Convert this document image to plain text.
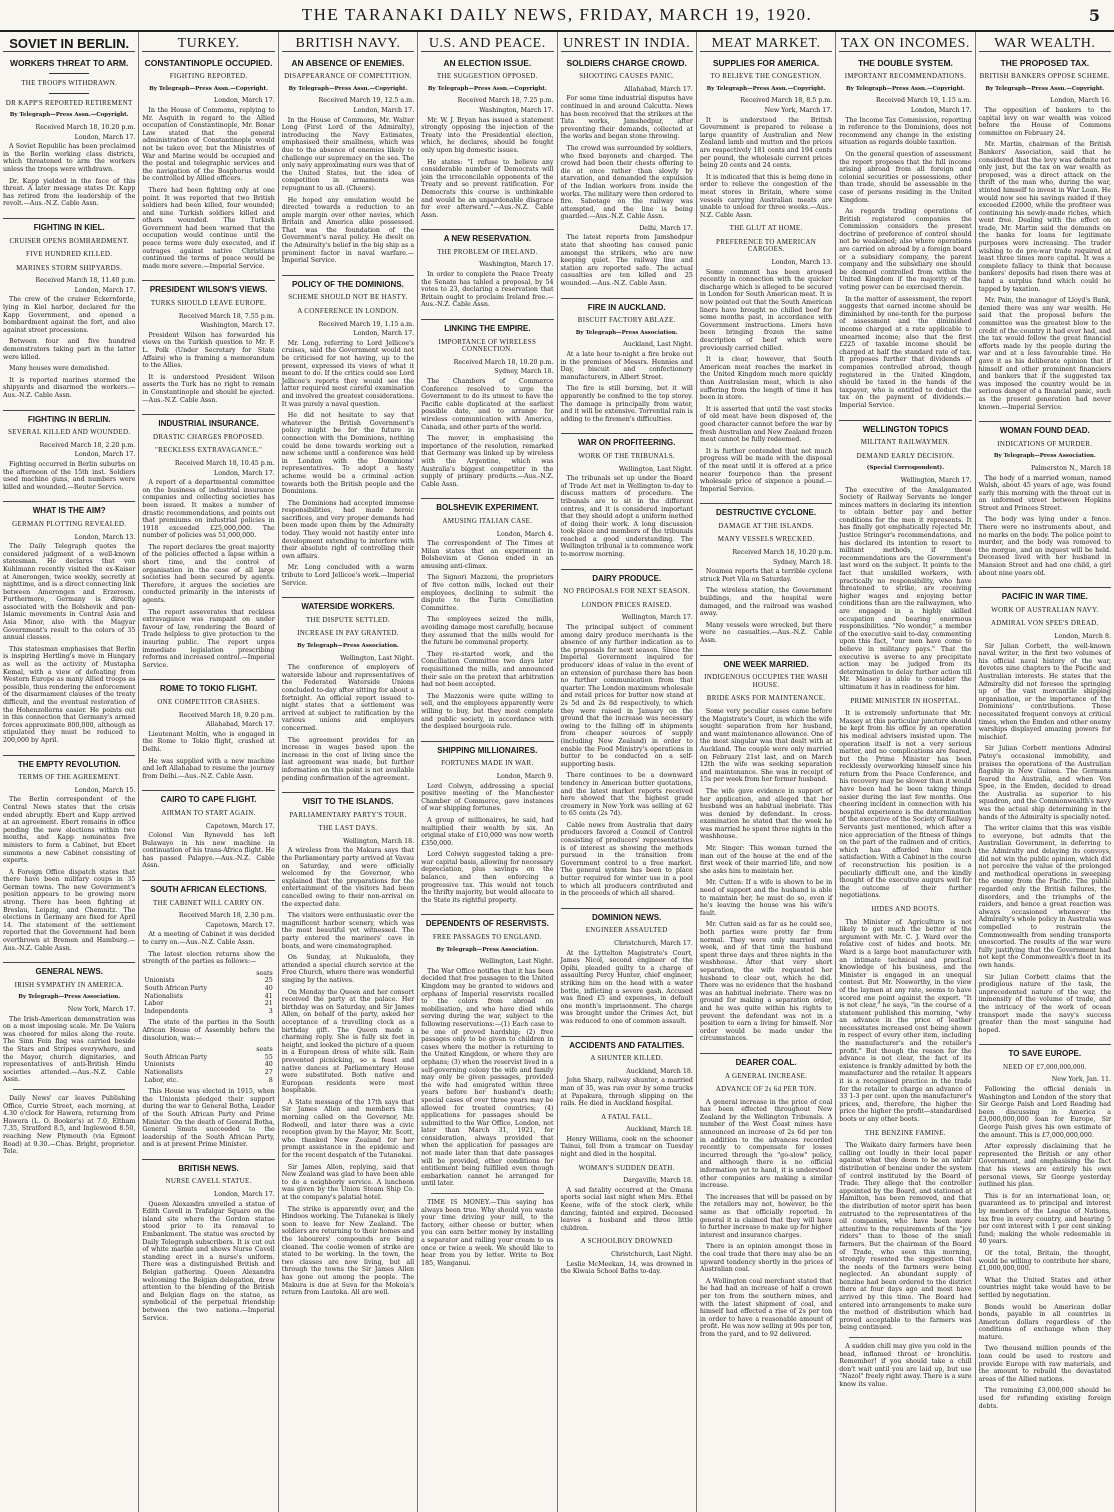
THE TARANAKI DAILY NEWS, FRIDAY, MARCH 19, 1920.	5
SOVIET IN BERLIN.
WORKERS THREAT TO ARM.
THE TROOPS WITHDRAWN.
DR KAPP'S REPORTED RETIREMENT
By Telegraph—Press Assn.—Copyright.
Received March 18, 10.20 p.m.
London, March 17.

A Soviet Republic has been proclaimed in the Berlin working class districts, which threatened to arm the workers unless the troops were withdrawn.

Dr. Kapp yielded in the face of this threat. A later message states Dr. Kapp has retired from the leadership of the revolt.—Aus.-N.Z. Cable Assn.

FIGHTING IN KIEL.
CRUISER OPENS BOMBARDMENT.
FIVE HUNDRED KILLED.
MARINES STORM SHIPYARDS.
Received March 18, 11.40 p.m.
London, March 17.

The crew of the cruiser Eckernforde, lying in Kiel harbor, declared for the Kapp Government, and opened a bombardment against the fort, and also against street processions.

Between four and five hundred demonstrators taking part in the latter were killed.

Many houses were demolished.

It is reported marines stormed the shipyards and disarmed the workers.—Aus.-N.Z. Cable Assn.

FIGHTING IN BERLIN.
SEVERAL KILLED AND WOUNDED.
Received March 18, 2.20 p.m.
London, March 17.

Fighting occurred in Berlin suburbs on the afternoon of the 15th inst. Soldiers used machine guns, and numbers were killed and wounded.—Reuter Service.

WHAT IS THE AIM?
GERMAN PLOTTING REVEALED.
London, March 13.

The Daily Telegraph quotes the considered judgment of a well-known statesman. He declares that von Kuhlmann recently visited the ex-Kaiser at Amerongen, twice weekly, secretly at nighttime, and is a direct connecting link between Amerongen and Erzerosm. Furthermore, Germany is directly associated with the Bolshevik and pan-Islamic movements in Central Asia and Asia Minor, also with the Magyar Government's result to the colors of 35 annual classes.

This statesman emphasises that Berlin is inspiring Hertling's move in Hungary as well as the activity of Mustapha Kemal, with a view of defeating from Western Europe as many Allied troops as possible, thus rendering the enforcement of the disarmament clauses of the treaty difficult, and the eventual restoration of the Hohenzollerns easier. He points out in this connection that Germany's armed forces approximate 800,000, although as stipulated they must be reduced to 200,000 by April.

THE EMPTY REVOLUTION.
TERMS OF THE AGREEMENT.
London, March 15.

The Berlin correspondent of the Central News states that the crisis ended abruptly. Ebert and Kapp arrived at an agreement. Ebert remains in office pending the new elections within two months, and Kapp nominates five ministers to form a Cabinet, but Ebert summons a new Cabinet consisting of experts.

A Foreign Office dispatch states that there have been military coups in 35 German towns. The new Government's position appears to be growing more strong. There has been fighting at Breslau, Leipzig, and Chemnitz. The elections in Germany are fixed for April 14. The statement of the settlement reported that the Government had been overthrown at Bremen and Hamburg.—Aus.-N.Z. Cable Assn.

GENERAL NEWS.
IRISH SYMPATHY IN AMERICA.
By Telegraph—Press Association.
New York, March 17.

The Irish-American demonstration was on a most imposing scale. Mr. De Valera was cheered for miles along the route. The Sinn Fein flag was carried beside the Stars and Stripes everywhere, and the Mayor, church dignitaries, and representatives of anti-British Hindu societies attended.—Aus.-N.Z. Cable Assn.

Daily News' car leaves Publishing Office, Currie Street, each morning, at 4.30 o'clock for Hawera, returning from Hawera (L. O. Booker's) at 7.0, Eltham 7.35, Stratford 8.5, and Inglewood 8.50, reaching New Plymouth (via Egmont Road) at 9.30.—Chas. Bright, proprietor. Tele.

TURKEY.
CONSTANTINOPLE OCCUPIED.
FIGHTING REPORTED.
By Telegraph—Press Assn.—Copyright.
London, March 17.

In the House of Commons, replying to Mr. Asquith in regard to the Allied occupation of Constantinople, Mr. Bonar Law stated that the general administration of Constantinople would not be taken over, but the Ministries of War and Marine would be occupied and the postal and telegraphic services and the navigation of the Bosphorus would be controlled by Allied officers.

There had been fighting only at one point. It was reported that two British soldiers had been killed, four wounded; and nine Turkish soldiers killed and others wounded. The Turkish Government had been warned that the occupation would continue until the peace terms were duly executed, and if outrages against native Christians continued the terms of peace would be made more severe.—Imperial Service.

PRESIDENT WILSON'S VIEWS.
TURKS SHOULD LEAVE EUROPE.
Received March 18, 7.55 p.m.
Washington, March 17.

President Wilson has forwarded his views on the Turkish question to Mr. F. L. Polk (Under Secretary for State Affairs) who is framing a memorandum to the Allies.

It is understood President Wilson asserts the Turk has no right to remain in Constantinople and should be ejected.—Aus.-N.Z. Cable Assn.

INDUSTRIAL INSURANCE.
DRASTIC CHARGES PROPOSED.
"RECKLESS EXTRAVAGANCE."
Received March 18, 10.45 p.m.
London, March 17.

A report of a departmental committee on the business of industrial insurance companies and collecting societies has been issued. It makes a number of drastic recommendations, and points out that premiums on industrial policies in 1918 exceeded £25,000,000. The number of policies was 51,000,000.

The report declares the great majority of the policies effected a lapse within a short time, and the control of organisation in the case of all large societies had been secured by agents. Therefore, it argues the societies are conducted primarily in the interests of agents.

The report asseverates that reckless extravagance was rampant on under favour of law, rendering the Board of Trade helpless to give protection to the insuring public. The report urges immediate legislation prescribing reforms and increased control.—Imperial Service.

ROME TO TOKIO FLIGHT.
ONE COMPETITOR CRASHES.
Received March 18, 9.20 p.m.
Allahabad, March 17.

Lieutenant Moltin, who is engaged in the Rome to Tokio flight, crashed at Delhi.

He was supplied with a new machine and left Allahabad to resume the journey from Delhi.—Aus.-N.Z. Cable Assn.

CAIRO TO CAPE FLIGHT.
AIRMAN TO START AGAIN.
Capetown, March 17.

Colonel Van Ryneveld has left Bulawayo in his new machine in continuation of his trans-Africa flight. He has passed Palapye.—Aus.-N.Z. Cable Assn.

SOUTH AFRICAN ELECTIONS.
THE CABINET WILL CARRY ON.
Received March 18, 2.30 p.m.
Capetown, March 17.

At a meeting of Cabinet it was decided to carry on.—Aus.-N.Z. Cable Assn.

The latest election returns show the strength of the parties as follows:—

	seats
Unionists	25
South African Party	40
Nationalists	41
Labor	21
Independents	3

The state of the parties in the South African House of Assembly before the dissolution, was:—

	seats
South African Party	55
Unionists	40
Nationalists	27
Labor, etc.	8

This House was elected in 1915, when the Unionists pledged their support during the war to General Botha, Leader of the South African Party and Prime Minister. On the death of General Botha, General Smuts succeeded to the leadership of the South African Party, and is at present Prime Minister.

BRITISH NEWS.
NURSE CAVELL STATUE.
London, March 17.

Queen Alexandra unveiled a statue of Edith Cavell in Trafalgar Square on the island site where the Gordon statue stood prior to its removal to Embankment. The statue was erected by Daily Telegraph subscribers. It is cut out of white marble and shows Nurse Cavell standing erect in a nurse's uniform. There was a distinguished British and Belgian gathering. Queen Alexandra welcoming the Belgian delegation, drew attention to the blending of the British and Belgian flags on the statue, as symbolical of the perpetual friendship between the two nations.—Imperial Service.

BRITISH NAVY.
AN ABSENCE OF ENEMIES.
DISAPPEARANCE OF COMPETITION.
By Telegraph—Press Assn.—Copyright.
Received March 19, 12.5 a.m.
London, March 17.

In the House of Commons, Mr. Walter Long (First Lord of the Admiralty), introducing the Navy Estimates, emphasised their smallness, which was due to the absence of enemies likely to challenge our supremacy on the sea. The only navy approximating ours was that of the United States, but the idea of competition in armaments was repugnant to us all. (Cheers).

He hoped any emulation would be directed towards a reduction to an ample margin over other navies, which Britain and America alike possessed. That was the foundation of the Government's naval policy. He dwelt on the Admiralty's belief in the big ship as a prominent factor in naval warfare.—Imperial Service.

POLICY OF THE DOMINIONS.
SCHEME SHOULD NOT BE HASTY.
A CONFERENCE IN LONDON.
Received March 19, 1.15 a.m.
London, March 17.

Mr. Long, referring to Lord Jellicoe's cruises, said the Government would not be criticised for not having, up to the present, expressed its views of what it meant to do. If the critics could see Lord Jellicoe's reports they would see the latter required most careful examination and involved the greatest considerations. It was purely a naval question.

He did not hesitate to say that whatever the British Government's policy might be for the future in connection with the Dominions, nothing could be done towards working out a new scheme until a conference was held in London with the Dominions' representatives. To adopt a hasty scheme would be a criminal action towards both the British people and the Dominions.

The Dominions had accepted immense responsibilities, had made heroic sacrifices, and very proper demands had been made upon them by the Admiralty today. They would not hastily enter into development extending to interfere with their absolute right of controlling their own affairs.

Mr. Long concluded with a warm tribute to Lord Jellicoe's work.—Imperial Service.

WATERSIDE WORKERS.
THE DISPUTE SETTLED.
INCREASE IN PAY GRANTED.
By Telegraph—Press Association.
Wellington, Last Night.

The conference of employers of waterside labour and representatives of the Federated Waterside Unions concluded to-day after sitting for about a fortnight. An official report issued to-night states that a settlement was arrived at subject to ratification by the various unions and employers concerned.

The agreement provides for an increase in wages based upon the increase in the cost of living since the last agreement was made, but further information on this point is not available pending confirmation of the agreement.

VISIT TO THE ISLANDS.
PARLIAMENTARY PARTY'S TOUR.
THE LAST DAYS.
Wellington, March 18.

A wireless from the Makura says that the Parliamentary party arrived at Vavau on Saturday, and were officially welcomed by the Governor, who explained that the preparations for the entertainment of the visitors had been cancelled owing to their non-arrival on the expected date.

The visitors were enthusiastic over the magnificent harbor scenery, which was the most beautiful yet witnessed. The party entered the mariners' cave in boats, and were cinematographed.

On Sunday, at Nukualofa, they attended a special church service at the Free Church, where there was wonderful singing by the natives.

On Monday the Queen and her consort received the party at the palace. Her birthday was on Saturday, and Sir James Allen, on behalf of the party, asked her acceptance of a travelling clock as a birthday gift. The Queen made a charming reply. She is fully six feet in height, and looked the picture of a queen in a European dress of white silk. Rain prevented picnicking, so a feast and native dances at Parliamentary House were substituted. Both native and European residents were most hospitable.

A State message of the 17th says that Sir James Allen and members this morning called on the Governor, Mr. Rodwell, and later there was a civic reception given by the Mayor, Mr. Scott, who thanked New Zealand for her prompt assistance in the epidemic and for the recent despatch of the Tutanekai.

Sir James Allen, replying, said that New Zealand was glad to have been able to do a neighborly service. A luncheon was given by the Union Steam Ship Co. at the company's palatial hotel.

The strike is apparently over, and the Hindoos working. The Tutanekai is likely soon to leave for New Zealand. The soldiers are returning to their homes and the labourers' compounds are being cleaned. The coolie women of strike are stated to be working. In the town, the two classes are now living, but all through the towns the Sir James Allen has gone out among the people. The Makura is due at Suva for the Mokoia's return from Lautoka. All are well.

U.S. AND PEACE.
AN ELECTION ISSUE.
THE SUGGESTION OPPOSED.
By Telegraph—Press Assn.—Copyright.
Received March 18, 7.25 p.m.
Washington, March 17.

Mr. W. J. Bryan has issued a statement strongly opposing the injection of the Treaty into the Presidential election, which, he declares, should be fought only upon big domestic issues.

He states: "I refuse to believe any considerable number of Democrats will join the irreconcilable opponents of the Treaty and so prevent ratification. For Democrats this course is unthinkable and would be an unpardonable disgrace for ever afterward."—Aus.-N.Z. Cable Assn.

A NEW RESERVATION.
THE PROBLEM OF IRELAND.
Washington, March 17.

In order to complete the Peace Treaty the Senate has tabled a proposal, by 54 votes to 23, declaring a reservation that Britain ought to proclaim Ireland free.—Aus.-N.Z. Cable Assn.

LINKING THE EMPIRE.
IMPORTANCE OF WIRELESS CONNECTION.
Received March 18, 10.20 p.m.
Sydney, March 18.

The Chambers of Commerce Conference resolved to urge the Government to do its utmost to have the Pacific cable duplicated at the earliest possible date, and to arrange for wireless communication with America, Canada, and other parts of the world.

The mover, in emphasising the importance of the resolution, remarked that Germany was linked up by wireless with the Argentine, which was Australia's biggest competitor in the supply of primary products.—Aus.-N.Z. Cable Assn.

BOLSHEVIK EXPERIMENT.
AMUSING ITALIAN CASE.
London, March 4.

The correspondent of The Times at Milan states that an experiment in Bolshevism at Genoa ended in an amusing anti-climax.

The Signori Mazzoni, the proprietors of five cotton mills, locked out their employees, declining to submit the dispute to the Turin Conciliation Committee.

The employees seized the mills, avoiding damage most carefully, because they assumed that the mills would for the future be communal property.

They re-started work, and the Conciliation Committee two days later requisitioned the mills, and announced their sale on the pretext that arbitration had not been accepted.

The Mazzonis were quite willing to sell, and the employees apparently were willing to buy, but they most complete and public society, in accordance with the despised bourgeois rule.

SHIPPING MILLIONAIRES.
FORTUNES MADE IN WAR.
London, March 9.

Lord Colwyn, addressing a special positive meeting of the Manchester Chamber of Commerce, gave instances of war shipping fortunes.

A group of millionaires, he said, had multiplied their wealth by six. An original stake of £10,000 was now worth £350,000.

Lord Colwyn suggested taking a pre-war capital basis, allowing for necessary depreciation, plus savings on the balance, and then enforcing a progressive tax. This would not touch the thrifty majority, but would allocate to the State its rightful property.

DEPENDENTS OF RESERVISTS.
FREE PASSAGES TO ENGLAND.
By Telegraph—Press Association.
Wellington, Last Night.

The War Office notifies that it has been decided that free passages to the United Kingdom may be granted to widows and orphans of Imperial reservists recalled to the colors from abroad on mobilisation, and who have died while serving during the war, subject to the following reservations:—(1) Each case to be one of proved hardship; (2) free passages only to be given to children in cases where the mother is returning to the United Kingdom, or where they are orphans; (3) when the reservist lived in a self-governing colony the wife and family may only be given passages, provided the wife had emigrated within three years before her husband's death; special cases of over three years may be allowed for treated countries; (4) applications for passages should be submitted to the War Office, London, not later than March 31, 1921, for consideration, always provided that when the application for passages are not made later than that date passages will be provided, other conditions for entitlement being fulfilled even though embarkation cannot be arranged for until later.

TIME IS MONEY.—This saying has always been true. Why should you waste your time driving your mill, to the factory, either cheese or butter, when you can earn better money by installing a separator and railing your cream to us once or twice a week. We should like to hear from you by letter. Write to Box 185, Wanganui.

UNREST IN INDIA.
SOLDIERS CHARGE CROWD.
SHOOTING CAUSES PANIC.
Allahabad, March 17.

For some time industrial disputes have continued in and around Calcutta. News has been received that the strikers at the Tata works, Jamshedpur, after preventing their demands, collected at the works and began stone throwing.

The crowd was surrounded by soldiers, who fixed bayonets and charged. The crowd had been their chests offering to die at once rather than slowly by starvation, and demanded the expulsion of the Indian workers from inside the works. The military were then ordered to fire. Sabotage on the railway was attempted, and the line is being guarded.—Aus.-N.Z. Cable Assn.

Delhi, March 17.

The latest reports from Jamshedpur state that shooting has caused panic amongst the strikers, who are now keeping quiet. The railway line and station are reported safe. The actual casualties are ten killed and 25 wounded.—Aus.-N.Z. Cable Assn.

FIRE IN AUCKLAND.
BISCUIT FACTORY ABLAZE.
By Telegraph—Press Association.
Auckland, Last Night.

At a late hour to-night a fire broke out in the premises of Messrs. Hennies and Day, biscuit and confectionery manufacturers, in Albert Street.

The fire is still burning, but it will apparently be confined to the top storey. The damage is principally from water, and it will be extensive. Torrential rain is adding to the firemen's difficulties.

WAR ON PROFITEERING.
WORK OF THE TRIBUNALS.
Wellington, Last Night.

The tribunals set up under the Board of Trade Act met in Wellington to-day to discuss matters of procedure. The tribunals are to sit in the different centres, and it is considered important that they should adopt a uniform method of doing their work. A long discussion took place and members of the tribunals reached a good understanding. The Wellington tribunal is to commence work to-morrow morning.

DAIRY PRODUCE.
NO PROPOSALS FOR NEXT SEASON.
LONDON PRICES RAISED.
Wellington, March 17.

The principal subject of comment among dairy produce merchants is the absence of any further indication as to the proposals for next season. Since the Imperial Government inquired for producers' ideas of value in the event of an extension of purchase there has been no further communication from that quarter. The London maximum wholesale and retail prices for butter now stand at 2s 5d and 2s 8d respectively, to which they were raised in January on the ground that the increase was necessary owing to the falling off in shipments from cheaper sources of supply (including New Zealand) in order to enable the Food Ministry's operations in butter to be conducted on a self-supporting basis.

There continues to be a downward tendency in American butter quotations, and the latest market reports received here showed that the highest grade creamery in New York was selling at 62 to 65 cents (2s 7d).

Cable news from Australia that dairy producers favored a Council of Control consisting of producers' representatives is of interest as showing the methods pursued in the transition from Government control to a free market. The general system has been to place butter required for winter use in a pool to which all producers contributed and in the proceeds of which all shared.

DOMINION NEWS.
ENGINEER ASSAULTED
Christchurch, March 17.

At the Lyttelton Magistrate's Court, James Nicol, second engineer of the Opihi, pleaded guilty to a charge of assaulting Percy Hunter, chief engineer, striking him on the head with a water bottle, inflicting a severe gash. Accused was fined £5 and expenses, in default one month's imprisonment. The charge was brought under the Crimes Act, but was reduced to one of common assault.

ACCIDENTS AND FATALITIES.
A SHUNTER KILLED.
Auckland, March 18.

John Sharp, railway shunter, a married man of 35, was run over by some trucks at Papakura, through slipping on the rails. He died in Auckland hospital.

A FATAL FALL.
Auckland, March 18.

Henry Williams, cook on the schooner Tainui, fell from a tramcar on Tuesday night and died in the hospital.

WOMAN'S SUDDEN DEATH.
Dargaville, March 18.

A sad fatality occurred at the Omana sports social last night when Mrs. Ethel Keene, wife of the stock clerk, while dancing, fainted and expired. Deceased leaves a husband and three little children.

A SCHOOLBOY DROWNED
Christchurch, Last Night.

Leslie McMeekan, 14, was drowned in the Kiwaia School Baths to-day.

MEAT MARKET.
SUPPLIES FOR AMERICA.
TO RELIEVE THE CONGESTION.
By Telegraph—Press Assn.—Copyright.
Received March 18, 8.5 p.m.
New York, March 17.

It is understood the British Government is prepared to release a large quantity of Australian and New Zealand lamb and mutton and the prices are respectively 181 cents and 194 cents per pound, the wholesale current prices being 20 cents and 24 cents.

It is indicated that this is being done in order to relieve the congestion of the meat stores in Britain, where some vessels carrying Australian meats are unable to unload for three weeks.—Aus.-N.Z. Cable Assn.

THE GLUT AT HOME.
PREFERENCE TO AMERICAN CARGOES.
London, March 13.

Some comment has been aroused recently in connection with the quicker discharge which is alleged to be secured in London for South American meat. It is now pointed out that the South American liners have brought no chilled beef for some months past, in accordance with Government instructions. Liners have been bringing frozen the same description of beef which were previously carried chilled.

It is clear, however, that South American meat reaches the market in the United Kingdom much more quickly than Australasian meat, which is also suffering from the length of time it has been in store.

It is asserted that until the vast stocks of old meat have been disposed of, the good character cannot before the war by fresh Australian and New Zealand frozen meat cannot be fully redeemed.

It is further contended that not much progress will be made with the disposal of the meat until it is offered at a price nearer fourpence than the present wholesale price of sixpence a pound.—Imperial Service.

DESTRUCTIVE CYCLONE.
DAMAGE AT THE ISLANDS.
MANY VESSELS WRECKED.
Received March 18, 10.20 p.m.
Sydney, March 18.

Noumea reports that a terrible cyclone struck Port Vila on Saturday.

The wireless station, the Government buildings, and the hospital were damaged, and the railroad was washed away.

Many vessels were wrecked, but there were no casualties.—Aus.-N.Z. Cable Assn.

ONE WEEK MARRIED.
INDIGENOUS OCCUPIES THE WASH HOUSE.
BRIDE ASKS FOR MAINTENANCE.

Some very peculiar cases came before the Magistrate's Court, in which the wife sought separation from her husband, and want maintenance allowance. One of the most singular was that dealt with at Auckland. The couple were only married on February 21st last, and on March 12th the wife was seeking separation and maintenance. She was in receipt of 15s per week from her former husband.

The wife gave evidence in support of her application, and alleged that her husband was an habitual inebriate. This was denied by defendant. In cross-examination he stated that the week he was married he spent three nights in the washhouse.

Mr. Singer: This woman turned the man out of the house at the end of the first week of their married life, and now she asks him to maintain her.

Mr. Cutten: If a wife is shown to be in need of support and the husband is able to maintain her, he must do so, even if he's leaving the house was his wife's fault.

Mr. Cutten said as far as he could see, both parties were pretty far from normal. They were only married one week, and of that time the husband spent three days and three nights in the washhouse. After that very short separation, the wife requested her husband to clear out, which he did. There was no evidence that the husband was an habitual inebriate. There was no ground for making a separation order, and he was quite within his rights to prevent the defendant was not in a position to earn a living for himself. Nor order would be made under the circumstances.

DEARER COAL.
A GENERAL INCREASE.
ADVANCE OF 2s 6d PER TON.

A general increase in the price of coal has been effected throughout New Zealand by the Wellington Tribunals. A number of the West Coast mines have announced an increase of 2s 6d per ton in addition to the advances recorded recently to compensate for losses incurred through the "go-slow" policy, and although there is no official information yet to hand, it is understood other companies are making a similar increase.

The increases that will be passed on by the retailers may not, however, be the same as that officially reported. In general it is claimed that they will have to further increase to make up for higher interest and insurance charges.

There is an opinion amongst those in the coal trade that there may also be an upward tendency shortly in the prices of Australian coal.

A Wellington coal merchant stated that he had had an increase of half a crown per ton from the southern mines, and with the latest shipment of coal, and himself had effected a rise of 2s per ton in order to have a reasonable amount of profit. He was now selling at 90s per ton, from the yard, and to 92 delivered.

TAX ON INCOMES.
THE DOUBLE SYSTEM.
IMPORTANT RECOMMENDATIONS.
By Telegraph—Press Assn.—Copyright.
Received March 19, 1.15 a.m.
London, March 17.

The Income Tax Commission, reporting in reference to the Dominions, does not recommend any change in the existing situation as regards double taxation.

On the general question of assessment the report proposes that the full income arising abroad from all foreign and colonial securities or possessions, other than trade, should be assessable in the case of persons residing in the United Kingdom.

As regards trading operations of British registered companies the Commission considers the present doctrine of preference of control should not be weakened; also where operations are carried on abroad by a foreign board or a subsidiary company, the parent company and the subsidiary one should be deemed controlled from within the United Kingdom if the majority of the voting power can be exercised therein.

In the matter of assessment, the report suggests that earned income should be diminished by one-tenth for the purpose of assessment and the diminished income charged at a rate applicable to unearned income; also that the first £225 of taxable income should be charged at half the standard rate of tax. It proposes further that dividends of companies controlled abroad, though registered in the United Kingdom, should be taxed in the hands of the taxpayer, who is entitled to deduct the tax on the payment of dividends.—Imperial Service.

WELLINGTON TOPICS
MILITANT RAILWAYMEN.
DEMAND EARLY DECISION.
(Special Correspondent).
Wellington, March 17.

The executive of the Amalgamated Society of Railway Servants no longer minces matters in declaring its intention to obtain better pay and better conditions for the men it represents. It has finally got emphatically rejected Mr. Justice Stringer's recommendations, and has declared its intention to resort to militant methods, if these recommendations are the Government's last word on the subject. It points to the fact that unskilled workers, with practically no responsibility, who have threatened to strike, are receiving higher wages and enjoying better conditions than are the railwaymen, who are engaged in a highly skilled occupation and bearing enormous responsibilities. "No wonder," a member of the executive said to-day, commenting upon this fact, "our men have come to believe in militancy pays." That the executive is averse to any precipitate action may be judged from its determination to delay further action till Mr. Massey is able to consider the ultimatum it has in readiness for him.

PRIME MINISTER IN HOSPITAL.

It is extremely unfortunate that Mr. Massey at this particular juncture should be kept from his office by an operation his medical advisers insisted upon. The operation itself is not a very serious matter, and no complications are feared, but the Prime Minister has been recklessly overworking himself since his return from the Peace Conference, and his recovery may be slower than it would have been had he been taking things easier during the last few months. One cheering incident in connection with his hospital experience is the determination of the executive of the Society of Railway Servants just mentioned, which after a nice appreciation of the fitness of things on the part of the railmen and of critics, which has afforded him much satisfaction. With a Cabinet in the course of reconstruction his position is a peculiarly difficult one, and the kindly thought of the executive augurs well for the outcome of their further negotiations.

HIDES AND BOOTS.

The Minister of Agriculture is not likely to get much the better of the argument with Mr. C. J. Ward over the relative cost of hides and boots. Mr. Ward is a large boot manufacturer with an intimate technical and practical knowledge of his business, and the Minister is engaged in an unequal contest. But Mr. Nosworthy, in the view of the laymen at any rate, seems to have scored one point against the expert. "It is not clear," he says, "in the course of a statement published this morning, "why an advance in the price of leather necessitates increased cost being shown in respect of every other item, including the manufacturer's and the retailer's profit." But though the reason for the advance is not clear, the fact of its existence is frankly admitted by both the manufacturer and the retailer. It appears it is a recognised practice in the trade for the retailer to charge an advance of 33 1-3 per cent. upon the manufacturer's prices, and, therefore, the higher the price the higher the profit—standardised boots or any other boots.

THE BENZINE FAMINE.

The Waikato dairy farmers have been calling out loudly in their local paper against what they deem to be an unfair distribution of benzine under the system of control instituted by the Board of Trade. They allege that the controller appointed by the Board, and stationed at Hamilton, has been removed, and that the distribution of motor spirit has been entrusted to the representatives of the oil companies, who have been more attentive to the requirements of the "joy riders" than to those of the small farmers. But the chairman of the Board of Trade, who seen this morning, strongly resented the suggestion that the needs of the farmers were being neglected. An abundant supply of benzine had been ordered to the district there at four days ago and most have arrived by this time. The Board had entered into arrangements to make sure the method of distribution which had proved acceptable to the farmers was being continued.

A sudden chill may give you cold in the head, inflamed throat or bronchitis. Remember! if you should take a chill don't wait until you are laid up, but use "Nazol" freely right away. There is a sure know its value.

WAR WEALTH.
THE PROPOSED TAX.
BRITISH BANKERS OPPOSE SCHEME.
By Telegraph—Press Assn.—Copyright.
London, March 16.

The opposition of bankers to the capital levy on war wealth was voiced before the House of Commons committee on February 24.

Mr. Martin, chairman of the British Bankers' Association, said that he considered that the levy was definite not only just, but the tax on war wealth as proposed, was a direct attack on the thrift of the man who, during the war, stinted himself to invest in War Loan. He would now see his savings raided if they exceeded £2000, while the profiteer was continuing his newly-made riches, which went free. Dealing with the effect on trade, Mr. Martin said the demands on the banks for loans for legitimate purposes were increasing. The trader wishing to do pre-war trade required at least three times more capital. It was a complete fallacy to think that because bankers' deposits had risen there was at hand a surplus fund which could be tapped by taxation.

Mr. Pain, the manager of Lloyd's Bank, denied there was any war wealth. He said that the proposal before the committee was the greatest blow to the credit of the country it had ever had, and the tax would follow the great financial efforts made by the people during the war and at a less favourable time. He gave it as his deliberate opinion that if himself and other prominent financiers and bankers that if the suggested tax was imposed the country would be in serious danger of a financial panic, such as the present generation had never known.—Imperial Service.

WOMAN FOUND DEAD.
INDICATIONS OF MURDER.
By Telegraph—Press Association.
Palmerston N., March 18

The body of a married woman, named Walsh, about 45 years of age, was found early this morning with the throat cut in an unformed street between Hopkins Street and Princes Street.

The body was lying under a fence. There were no instruments about, and no marks on the body. The police point to murder, and the body was removed to the morgue, and an inquest will be held. Deceased lived with her husband in Mansion Street and had one child, a girl about nine years old.

PACIFIC IN WAR TIME.
WORK OF AUSTRALIAN NAVY.
ADMIRAL VON SPEE'S DREAD.
London, March 8.

Sir Julian Corbett, the well-known naval writer, in the first two volumes of his official naval history of the war, devotes nine chapters to the Pacific and Australian interests. He states that the Admiralty did not foresee the springing up of the vast mercantile shipping organisation, or the importance of the Dominions' contributions. These necessitated frequent convoys at critical times, when the Emden and other enemy warships displayed amazing powers for mischief.

Sir Julian Corbett mentions Admiral Patey's occasional immobility, and praises the operations of the Australian flagship in New Guinea. The Germans feared the Australia, and when Von Spee, in the Emden, decided to dread the Australia as superior to his squadron, and the Commonwealth's navy was the actual ship determining in the hands of the Admiralty is specially noted.

The writer claims that this was visible to everyone, but admits that the Australian Government, in deferring to the Admiralty and delaying its convoys, did not win the public opinion, which did not perceive the value of the prolonged and methodical operations in sweeping the enemy from the Pacific. The public regarded only the British failures, the disorders, and the triumphs of the raiders, and hence a great reaction was always occasioned whenever the Admiralty's whole policy in Australia was compelled to restrain the Commonwealth from sending transports unescorted. The results of the war were fully justifying that the Government had not kept the Commonwealth's fleet in its own hands.

Sir Julian Corbett claims that the prodigious nature of the task, the unprecedented nature of the war, the immensity of the volume of trade, and the intricacy of the work of ocean transport made the navy's success greater than the most sanguine had hoped.

TO SAVE EUROPE.
NEED OF £7,000,000,000.
New York, Jan. 11.

Following the official denials in Washington and London of the story that Sir George Paish and Lord Reading had been discussing in America a £3,000,000,000 loan for Europe, Sir George Paish gives his own estimate of the amount. This is £7,000,000,000.

After expressly disclaiming that he represented the British or any other Government, and emphasising the fact that his views are entirely his own personal views, Sir George yesterday outlined his plan.

This is for an international loan, or, guaranteed as to principal and interest by members of the League of Nations, tax free in every country, and bearing 5 per cent interest with 1 per cent sinking fund; making the whole redeemable in 40 years.

Of the total, Britain, the thought, would be willing to contribute her share, £1,000,000,000.

What the United States and other countries might take would have to be settled by negotiation.

Bonds would be American dollar bonds, payable in all countries in American dollars regardless of the conditions of exchange when they mature.

Two thousand million pounds of the loan could be used to restore and provide Europe with raw materials, and the amount to rebuild the devastated areas of the Allied nations.

The remaining £3,000,000 should be used for refunding existing foreign debts.
